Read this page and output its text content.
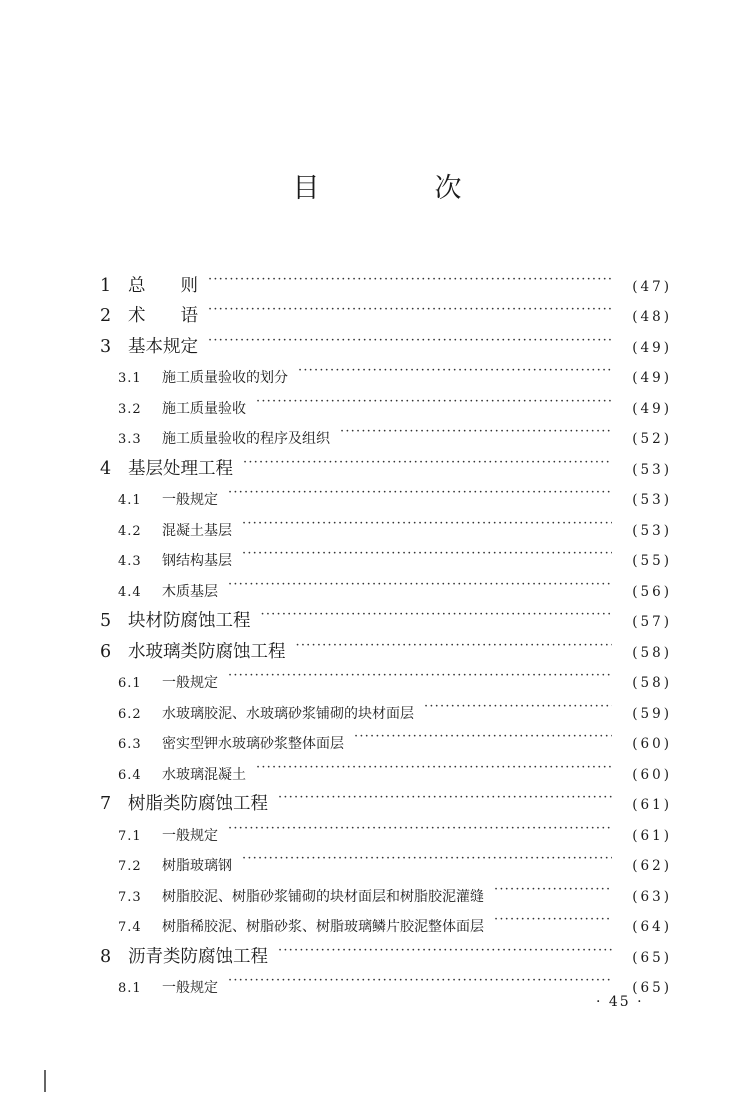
目　次
1 总　　则 ·····	(47)
2 术　　语 ·····	(48)
3 基本规定 ·····	(49)
3.1	施工质量验收的划分 ·····	(49)
3.2	施工质量验收 ·····	(49)
3.3	施工质量验收的程序及组织 ·····	(52)
4 基层处理工程 ·····	(53)
4.1	一般规定 ·····	(53)
4.2	混凝土基层 ·····	(53)
4.3	钢结构基层 ·····	(55)
4.4	木质基层 ·····	(56)
5 块材防腐蚀工程 ·····	(57)
6 水玻璃类防腐蚀工程 ·····	(58)
6.1	一般规定 ·····	(58)
6.2	水玻璃胶泥、水玻璃砂浆铺砌的块材面层 ·····	(59)
6.3	密实型钾水玻璃砂浆整体面层 ·····	(60)
6.4	水玻璃混凝土 ·····	(60)
7 树脂类防腐蚀工程 ·····	(61)
7.1	一般规定 ·····	(61)
7.2	树脂玻璃钢 ·····	(62)
7.3	树脂胶泥、树脂砂浆铺砌的块材面层和树脂胶泥灌缝 ·····	(63)
7.4	树脂稀胶泥、树脂砂浆、树脂玻璃鳞片胶泥整体面层 ·····	(64)
8 沥青类防腐蚀工程 ·····	(65)
8.1	一般规定 ·····	(65)
· 45 ·
